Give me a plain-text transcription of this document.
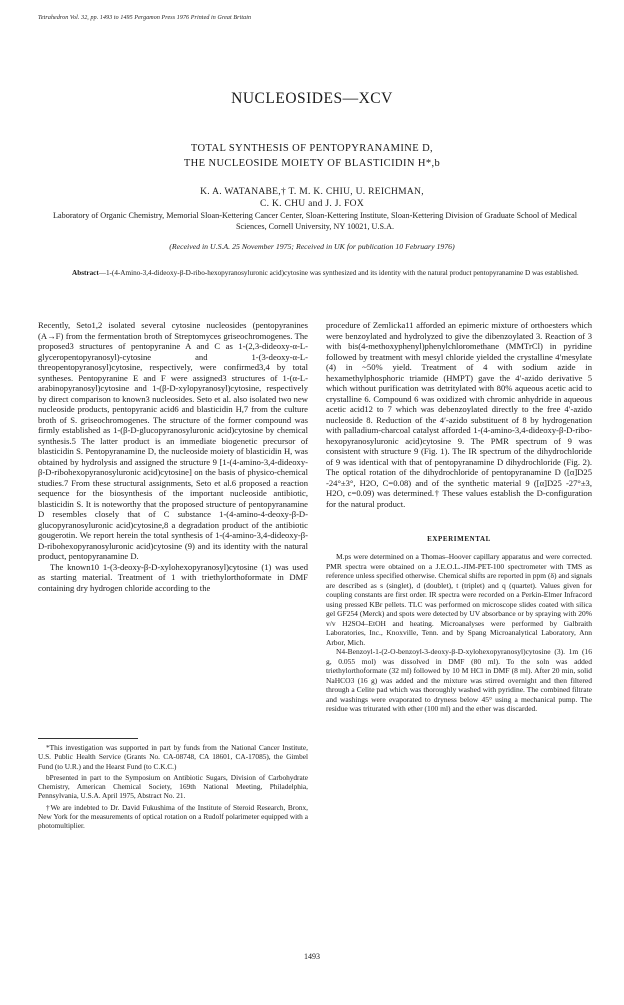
Tetrahedron Vol. 32, pp. 1493 to 1495 Pergamon Press 1976 Printed in Great Britain
NUCLEOSIDES—XCV
TOTAL SYNTHESIS OF PENTOPYRANAMINE D,
THE NUCLEOSIDE MOIETY OF BLASTICIDIN H*,b
K. A. WATANABE,† T. M. K. CHIU, U. REICHMAN,
C. K. CHU and J. J. FOX
Laboratory of Organic Chemistry, Memorial Sloan-Kettering Cancer Center, Sloan-Kettering Institute, Sloan-Kettering Division of Graduate School of Medical Sciences, Cornell University, NY 10021, U.S.A.
(Received in U.S.A. 25 November 1975; Received in UK for publication 10 February 1976)
Abstract—1-(4-Amino-3,4-dideoxy-β-D-ribo-hexopyranosyluronic acid)cytosine was synthesized and its identity with the natural product pentopyranamine D was established.

Recently, Seto1,2 isolated several cytosine nucleosides (pentopyranines (A→F) from the fermentation broth of Streptomyces griseochromogenes. The proposed3 structures of pentopyranine A and C as 1-(2,3-dideoxy-α-L-glyceropentopyranosyl)-cytosine and 1-(3-deoxy-α-L-threopentopyranosyl)cytosine, respectively, were confirmed3,4 by total syntheses. Pentopyranine E and F were assigned3 structures of 1-(α-L-arabinopyranosyl)cytosine and 1-(β-D-xylopyranosyl)cytosine, respectively by direct comparison to known3 nucleosides. Seto et al. also isolated two new nucleoside products, pentopyranic acid6 and blasticidin H,7 from the culture broth of S. griseochromogenes. The structure of the former compound was firmly established as 1-(β-D-glucopyranosyluronic acid)cytosine by chemical synthesis.5 The latter product is an immediate biogenetic precursor of blasticidin S. Pentopyranamine D, the nucleoside moiety of blasticidin H, was obtained by hydrolysis and assigned the structure 9 [1-(4-amino-3,4-dideoxy-β-D-ribohexopyranosyluronic acid)cytosine] on the basis of physico-chemical studies.7 From these structural assignments, Seto et al.6 proposed a reaction sequence for the biosynthesis of the important nucleoside antibiotic, blasticidin S. It is noteworthy that the proposed structure of pentopyranamine D resembles closely that of C substance 1-(4-amino-4-deoxy-β-D-glucopyranosyluronic acid)cytosine,8 a degradation product of the antibiotic gougerotin. We report herein the total synthesis of 1-(4-amino-3,4-dideoxy-β-D-ribohexopyranosyluronic acid)cytosine (9) and its identity with the natural product, pentopyranamine D.

The known10 1-(3-deoxy-β-D-xylohexopyranosyl)cytosine (1) was used as starting material. Treatment of 1 with triethylorthoformate in DMF containing dry hydrogen chloride according to the

procedure of Zemlicka11 afforded an epimeric mixture of orthoesters which were benzoylated and hydrolyzed to give the dibenzoylated 3. Reaction of 3 with bis(4-methoxyphenyl)phenylchloromethane (MMTrCl) in pyridine followed by treatment with mesyl chloride yielded the crystalline 4′mesylate (4) in ~50% yield. Treatment of 4 with sodium azide in hexamethylphosphoric triamide (HMPT) gave the 4′-azido derivative 5 which without purification was detritylated with 80% aqueous acetic acid to crystalline 6. Compound 6 was oxidized with chromic anhydride in aqueous acetic acid12 to 7 which was debenzoylated directly to the free 4′-azido nucleoside 8. Reduction of the 4′-azido substituent of 8 by hydrogenation with palladium-charcoal catalyst afforded 1-(4-amino-3,4-dideoxy-β-D-ribo-hexopyranosyluronic acid)cytosine 9. The PMR spectrum of 9 was consistent with structure 9 (Fig. 1). The IR spectrum of the dihydrochloride of 9 was identical with that of pentopyranamine D dihydrochloride (Fig. 2). The optical rotation of the dihydrochloride of pentopyranamine D ([α]D25 -24°±3°, H2O, C=0.08) and of the synthetic material 9 ([α]D25 -27°±3, H2O, c=0.09) was determined.† These values establish the D-configuration for the natural product.

EXPERIMENTAL

M.ps were determined on a Thomas–Hoover capillary apparatus and were corrected. PMR spectra were obtained on a J.E.O.L.-JIM-PET-100 spectrometer with TMS as reference unless specified otherwise. Chemical shifts are reported in ppm (δ) and signals are described as s (singlet), d (doublet), t (triplet) and q (quartet). Values given for coupling constants are first order. IR spectra were recorded on a Perkin-Elmer Infracord using pressed KBr pellets. TLC was performed on microscope slides coated with silica gel GF254 (Merck) and spots were detected by UV absorbance or by spraying with 20% v/v H2SO4–EtOH and heating. Microanalyses were performed by Galbraith Laboratories, Inc., Knoxville, Tenn. and by Spang Microanalytical Laboratory, Ann Arbor, Mich.

N4-Benzoyl-1-(2-O-benzoyl-3-deoxy-β-D-xylohexopyranosyl)cytosine (3). 1m (16 g, 0.055 mol) was dissolved in DMF (80 ml). To the soln was added triethylorthoformate (32 ml) followed by 10 M HCl in DMF (8 ml). After 20 min, solid NaHCO3 (16 g) was added and the mixture was stirred overnight and then filtered through a Celite pad which was thoroughly washed with pyridine. The combined filtrate and washings were evaporated to dryness below 45° using a mechanical pump. The residue was triturated with ether (100 ml) and the ether was discarded.

*This investigation was supported in part by funds from the National Cancer Institute, U.S. Public Health Service (Grants No. CA-08748, CA 18601, CA-17085), the Gimbel Fund (to U.R.) and the Hearst Fund (to C.K.C.)

bPresented in part to the Symposium on Antibiotic Sugars, Division of Carbohydrate Chemistry, American Chemical Society, 169th National Meeting, Philadelphia, Pennsylvania, U.S.A. April 1975, Abstract No. 21.

†We are indebted to Dr. David Fukushima of the Institute of Steroid Research, Bronx, New York for the measurements of optical rotation on a Rudolf polarimeter equipped with a photomultiplier.

1493
